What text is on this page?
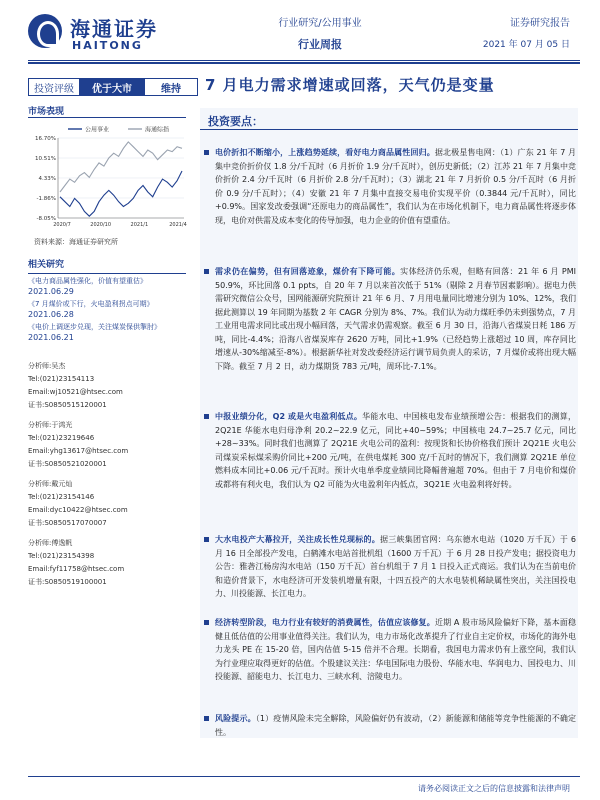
海通证券
HAITONG
行业研究/公用事业
行业周报
证券研究报告
2021 年 07 月 05 日
投资评级	优于大市	维持	7 月电力需求增速或回落，天气仍是变量
市场表现
公用事业	海通综指
16.70%
10.51%
4.33%
-1.86%
-8.05%
2020/7	2020/10	2021/1	2021/4
资料来源：海通证券研究所
相关研究
《电力商品属性强化，价值有望重估》
2021.06.29
《7 月煤价或下行，火电盈利拐点可期》
2021.06.28
《电价上调逐步兑现，关注煤炭保供掣肘》
2021.06.21
分析师:吴杰
Tel:(021)23154113
Email:wj10521@htsec.com
证书:S0850515120001
分析师:于鸿光
Tel:(021)23219646
Email:yhg13617@htsec.com
证书:S0850521020001
分析师:戴元灿
Tel:(021)23154146
Email:dyc10422@htsec.com
证书:S0850517070007
分析师:傅逸帆
Tel:(021)23154398
Email:fyf11758@htsec.com
证书:S0850519100001
投资要点：
电价折扣不断缩小，上涨趋势延续，看好电力商品属性回归。据北极星售电网：（1）广东 21 年 7 月集中竞价折价仅 1.8 分/千瓦时（6 月折价 1.9 分/千瓦时），创历史新低；（2）江苏 21 年 7 月集中竞价折价 2.4 分/千瓦时（6 月折价 2.8 分/千瓦时）；（3）湖北 21 年 7 月折价 0.5 分/千瓦时（6 月折价 0.9 分/千瓦时）；（4）安徽 21 年 7 月集中直接交易电价实现平价（0.3844 元/千瓦时），同比+0.9%。国家发改委强调“还原电力的商品属性”，我们认为在市场化机制下，电力商品属性将逐步体现，电价对供需及成本变化的传导加强，电力企业的价值有望重估。
需求仍在偏势，但有回落迹象，煤价有下降可能。实体经济仍乐观，但略有回落：21 年 6 月 PMI 50.9%，环比回落 0.1 ppts，自 20 年 7 月以来首次低于 51%（剔除 2 月春节因素影响）。据电力供需研究微信公众号，国网能源研究院预计 21 年 6 月、7 月用电量同比增速分别为 10%、12%，我们据此测算以 19 年同期为基数 2 年 CAGR 分别为 8%、7%。我们认为动力煤旺季仍未到强势点，7 月工业用电需求同比或出现小幅回落，天气需求仍需观察。截至 6 月 30 日，沿海八省煤炭日耗 186 万吨，同比-4.4%；沿海八省煤炭库存 2620 万吨，同比+1.9%（已经趋势上涨超过 10 周，库存同比增速从-30%缩减至-8%）。根据新华社对发改委经济运行调节局负责人的采访，7 月煤价或将出现大幅下降。截至 7 月 2 日，动力煤期货 783 元/吨，周环比-7.1%。
中报业绩分化，Q2 或是火电盈利低点。华能水电、中国核电发布业绩预增公告：根据我们的测算，2Q21E 华能水电归母净利 20.2~22.9 亿元，同比+40~59%；中国核电 24.7~25.7 亿元，同比+28~33%。同时我们也测算了 2Q21E 火电公司的盈利：按现货和长协价格我们预计 2Q21E 火电公司煤炭采标煤采购价同比+200 元/吨，在供电煤耗 300 克/千瓦时的情况下，我们测算 2Q21E 单位燃料成本同比+0.06 元/千瓦时。预计火电单季度业绩同比降幅普遍超 70%。但由于 7 月电价和煤价或都将有利火电，我们认为 Q2 可能为火电盈利年内低点，3Q21E 火电盈利将好转。
大水电投产大幕拉开，关注成长性兑现标的。据三峡集团官网：乌东德水电站（1020 万千瓦）于 6 月 16 日全部投产发电，白鹤滩水电站首批机组（1600 万千瓦）于 6 月 28 日投产发电；据投资电力公告：雅砻江杨房沟水电站（150 万千瓦）首台机组于 7 月 1 日投入正式商运。我们认为在当前电价和造价背景下，水电经济可开发装机增量有限，十四五投产的大水电装机稀缺属性突出，关注国投电力、川投能源、长江电力。
经济转型阶段，电力行业有较好的消费属性，估值应该修复。近期 A 股市场风险偏好下降，基本面稳健且低估值的公用事业值得关注。我们认为，电力市场化改革提升了行业自主定价权，市场化的海外电力龙头 PE 在 15-20 倍，国内估值 5-15 倍并不合理。长期看，我国电力需求仍有上涨空间，我们认为行业理应取得更好的估值。个股建议关注：华电国际电力股份、华能水电、华润电力、国投电力、川投能源、韶能电力、长江电力、三峡水利、涪陵电力。
风险提示。（1）疫情风险未完全解除，风险偏好仍有波动，（2）新能源和储能等竞争性能源的不确定性。
请务必阅读正文之后的信息披露和法律声明
